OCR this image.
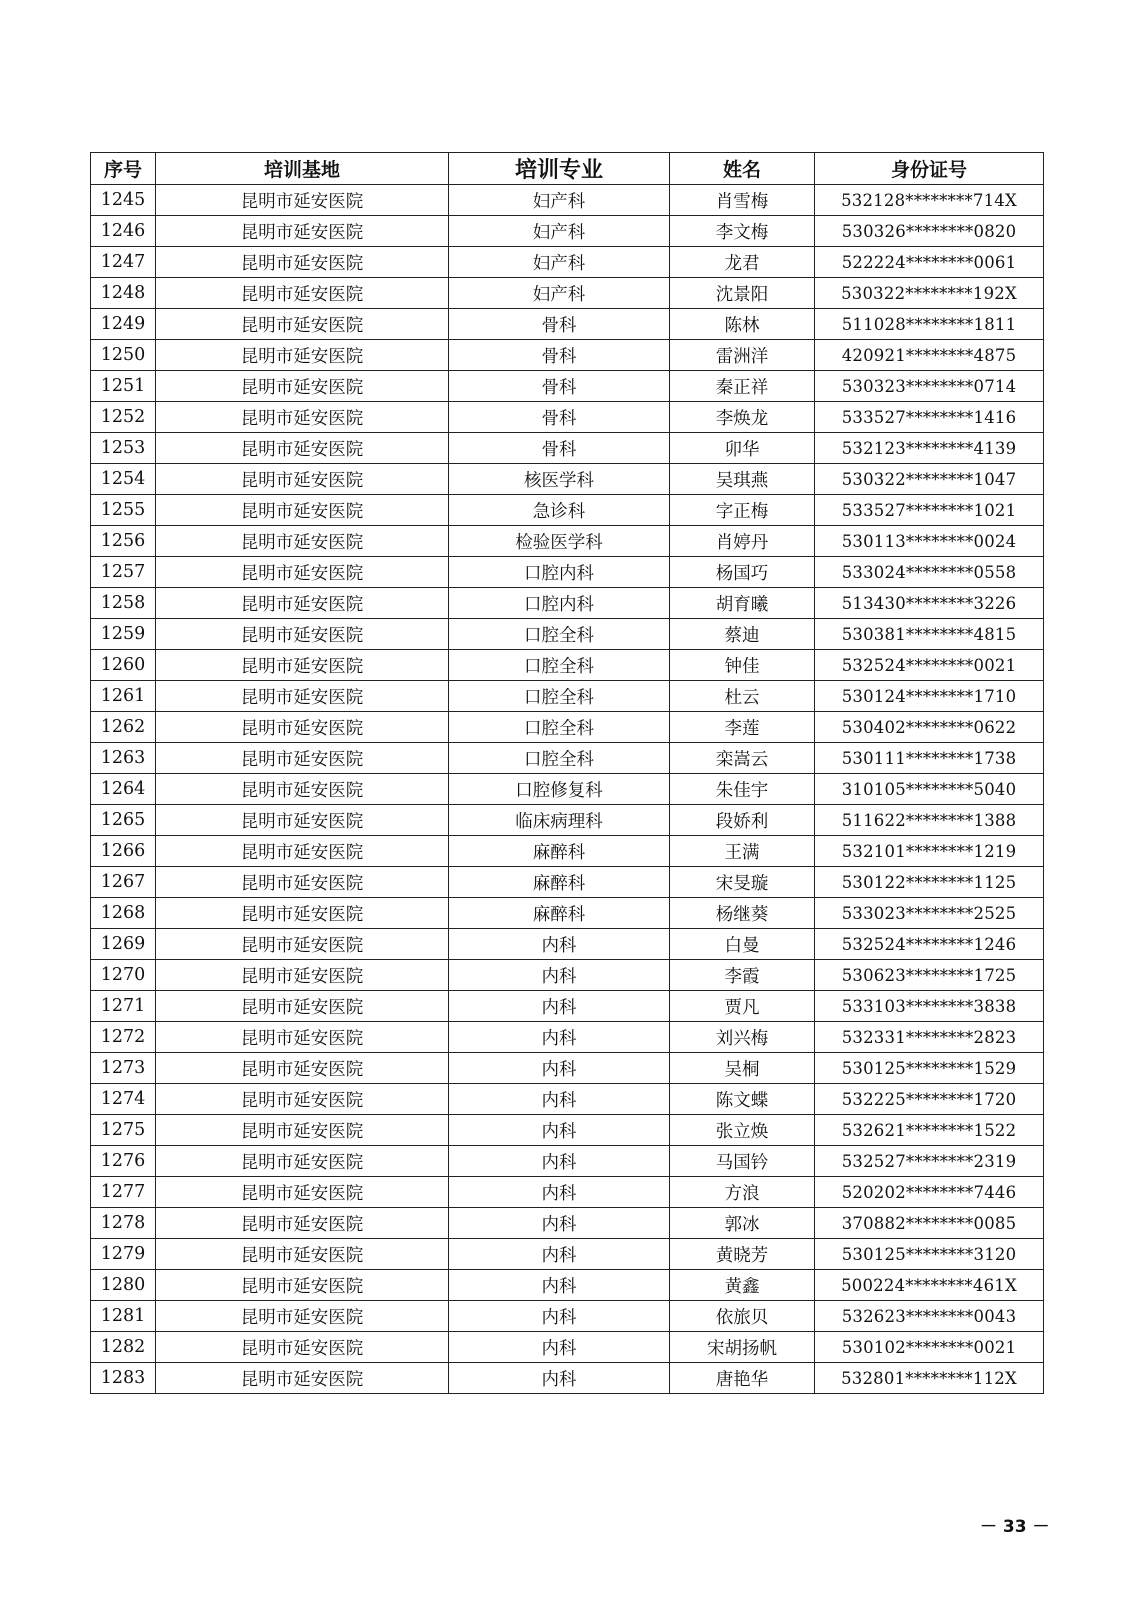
序号	培训基地	培训专业	姓名	身份证号
1245	昆明市延安医院	妇产科	肖雪梅	532128********714X
1246	昆明市延安医院	妇产科	李文梅	530326********0820
1247	昆明市延安医院	妇产科	龙君	522224********0061
1248	昆明市延安医院	妇产科	沈景阳	530322********192X
1249	昆明市延安医院	骨科	陈林	511028********1811
1250	昆明市延安医院	骨科	雷洲洋	420921********4875
1251	昆明市延安医院	骨科	秦正祥	530323********0714
1252	昆明市延安医院	骨科	李焕龙	533527********1416
1253	昆明市延安医院	骨科	卯华	532123********4139
1254	昆明市延安医院	核医学科	吴琪燕	530322********1047
1255	昆明市延安医院	急诊科	字正梅	533527********1021
1256	昆明市延安医院	检验医学科	肖婷丹	530113********0024
1257	昆明市延安医院	口腔内科	杨国巧	533024********0558
1258	昆明市延安医院	口腔内科	胡育曦	513430********3226
1259	昆明市延安医院	口腔全科	蔡迪	530381********4815
1260	昆明市延安医院	口腔全科	钟佳	532524********0021
1261	昆明市延安医院	口腔全科	杜云	530124********1710
1262	昆明市延安医院	口腔全科	李莲	530402********0622
1263	昆明市延安医院	口腔全科	栾嵩云	530111********1738
1264	昆明市延安医院	口腔修复科	朱佳宇	310105********5040
1265	昆明市延安医院	临床病理科	段娇利	511622********1388
1266	昆明市延安医院	麻醉科	王满	532101********1219
1267	昆明市延安医院	麻醉科	宋旻璇	530122********1125
1268	昆明市延安医院	麻醉科	杨继葵	533023********2525
1269	昆明市延安医院	内科	白曼	532524********1246
1270	昆明市延安医院	内科	李霞	530623********1725
1271	昆明市延安医院	内科	贾凡	533103********3838
1272	昆明市延安医院	内科	刘兴梅	532331********2823
1273	昆明市延安医院	内科	吴桐	530125********1529
1274	昆明市延安医院	内科	陈文蝶	532225********1720
1275	昆明市延安医院	内科	张立焕	532621********1522
1276	昆明市延安医院	内科	马国钤	532527********2319
1277	昆明市延安医院	内科	方浪	520202********7446
1278	昆明市延安医院	内科	郭冰	370882********0085
1279	昆明市延安医院	内科	黄晓芳	530125********3120
1280	昆明市延安医院	内科	黄鑫	500224********461X
1281	昆明市延安医院	内科	依旅贝	532623********0043
1282	昆明市延安医院	内科	宋胡扬帆	530102********0021
1283	昆明市延安医院	内科	唐艳华	532801********112X
－ 33 －
